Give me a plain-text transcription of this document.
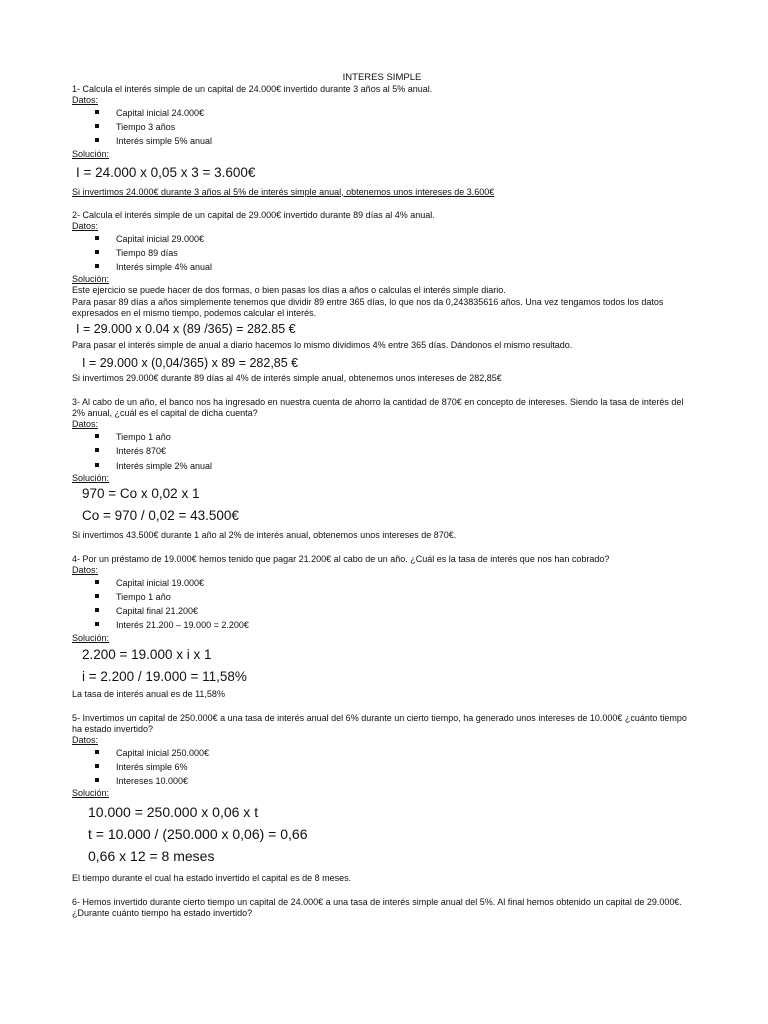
INTERES SIMPLE

1- Calcula el interés simple de un capital de 24.000€ invertido durante 3 años al 5% anual.

Datos:

Capital inicial 24.000€
Tiempo 3 años
Interés simple 5% anual

Solución:

I = 24.000 x 0,05 x 3 = 3.600€

Si invertimos 24.000€ durante 3 años al 5% de interés simple anual, obtenemos unos intereses de 3.600€

2- Calcula el interés simple de un capital de 29.000€ invertido durante 89 días al 4% anual.

Datos:

Capital inicial 29.000€
Tiempo 89 días
Interés simple 4% anual

Solución:

Este ejercicio se puede hacer de dos formas, o bien pasas los días a años o calculas el interés simple diario.

Para pasar 89 días a años simplemente tenemos que dividir 89 entre 365 días, lo que nos da 0,243835616 años. Una vez tengamos todos los datos expresados en el mismo tiempo, podemos calcular el interés.

I = 29.000 x 0.04 x (89 /365) = 282.85 €

Para pasar el interés simple de anual a diario hacemos lo mismo dividimos 4% entre 365 días. Dándonos el mismo resultado.

I = 29.000 x (0,04/365) x 89 = 282,85 €

Si invertimos 29.000€ durante 89 días al 4% de interés simple anual, obtenemos unos intereses de 282,85€

3- Al cabo de un año, el banco nos ha ingresado en nuestra cuenta de ahorro la cantidad de 870€ en concepto de intereses. Siendo la tasa de interés del 2% anual, ¿cuál es el capital de dicha cuenta?

Datos:

Tiempo 1 año
Interés 870€
Interés simple 2% anual

Solución:

970 = Co x 0,02 x 1

Co = 970 / 0,02 = 43.500€

Si invertimos 43.500€ durante 1 año al 2% de interés anual, obtenemos unos intereses de 870€.

4- Por un préstamo de 19.000€ hemos tenido que pagar 21.200€ al cabo de un año. ¿Cuál es la tasa de interés que nos han cobrado?

Datos:

Capital inicial 19.000€
Tiempo 1 año
Capital final 21.200€
Interés 21.200 – 19.000 = 2.200€

Solución:

2.200 = 19.000 x i x 1

i = 2.200 / 19.000 = 11,58%

La tasa de interés anual es de 11,58%

5- Invertimos un capital de 250.000€ a una tasa de interés anual del 6% durante un cierto tiempo, ha generado unos intereses de 10.000€ ¿cuánto tiempo ha estado invertido?

Datos:

Capital inicial 250.000€
Interés simple 6%
Intereses 10.000€

Solución:

10.000 = 250.000 x 0,06 x t

t = 10.000 / (250.000 x 0,06) = 0,66

0,66 x 12 = 8 meses

El tiempo durante el cual ha estado invertido el capital es de 8 meses.

6- Hemos invertido durante cierto tiempo un capital de 24.000€ a una tasa de interés simple anual del 5%. Al final hemos obtenido un capital de 29.000€. ¿Durante cuánto tiempo ha estado invertido?
